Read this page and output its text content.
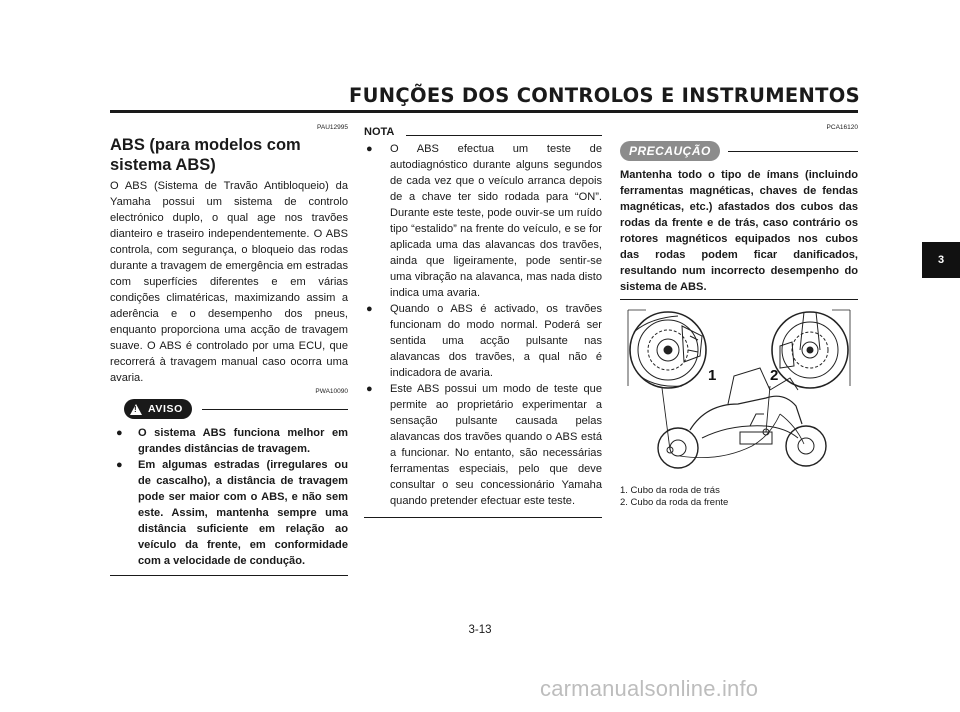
FUNÇÕES DOS CONTROLOS E INSTRUMENTOS
3
PAU12995
ABS (para modelos com sistema ABS)
O ABS (Sistema de Travão Antibloqueio) da Yamaha possui um sistema de controlo electrónico duplo, o qual age nos travões dianteiro e traseiro independentemente. O ABS controla, com segurança, o bloqueio das rodas durante a travagem de emergência em estradas com superfícies diferentes e em várias condições climatéricas, maximizando assim a aderência e o desempenho dos pneus, enquanto proporciona uma acção de travagem suave. O ABS é controlado por uma ECU, que recorrerá à travagem manual caso ocorra uma avaria.
PWA10090
! AVISO
●	O sistema ABS funciona melhor em grandes distâncias de travagem.
●	Em algumas estradas (irregulares ou de cascalho), a distância de travagem pode ser maior com o ABS, e não sem este. Assim, mantenha sempre uma distância suficiente em relação ao veículo da frente, em conformidade com a velocidade de condução.
NOTA
●	O ABS efectua um teste de autodiagnóstico durante alguns segundos de cada vez que o veículo arranca depois de a chave ter sido rodada para “ON”. Durante este teste, pode ouvir-se um ruído tipo “estalido” na frente do veículo, e se for aplicada uma das alavancas dos travões, ainda que ligeiramente, pode sentir-se uma vibração na alavanca, mas nada disto indica uma avaria.
●	Quando o ABS é activado, os travões funcionam do modo normal. Poderá ser sentida uma acção pulsante nas alavancas dos travões, a qual não é indicadora de avaria.
●	Este ABS possui um modo de teste que permite ao proprietário experimentar a sensação pulsante causada pelas alavancas dos travões quando o ABS está a funcionar. No entanto, são necessárias ferramentas especiais, pelo que deve consultar o seu concessionário Yamaha quando pretender efectuar este teste.
PCA16120
PRECAUÇÃO
Mantenha todo o tipo de ímans (incluindo ferramentas magnéticas, chaves de fendas magnéticas, etc.) afastados dos cubos das rodas da frente e de trás, caso contrário os rotores magnéticos equipados nos cubos das rodas podem ficar danificados, resultando num incorrecto desempenho do sistema de ABS.
1	2
1. Cubo da roda de trás
2. Cubo da roda da frente
3-13
carmanualsonline.info
